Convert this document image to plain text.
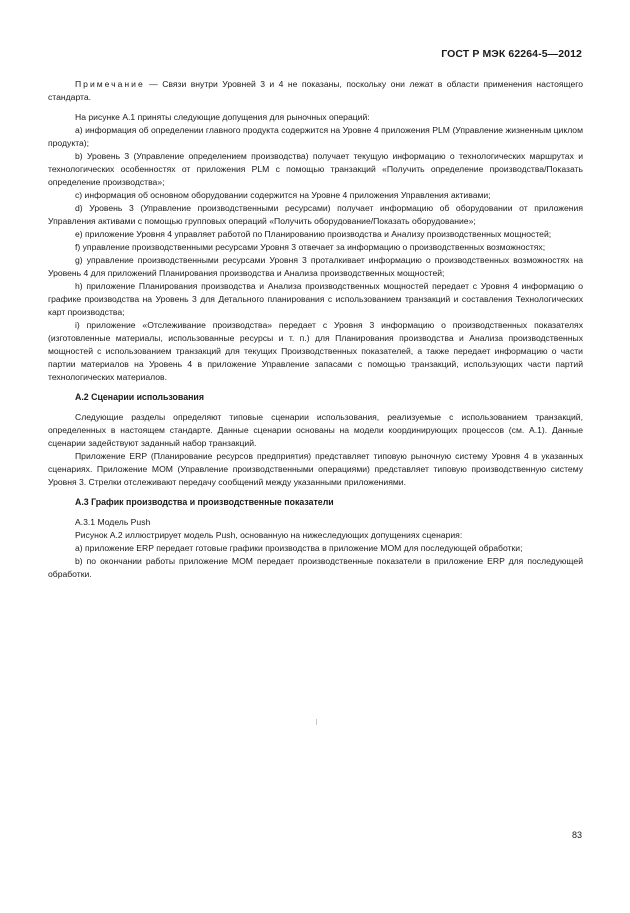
ГОСТ Р МЭК 62264-5—2012

Примечание — Связи внутри Уровней 3 и 4 не показаны, поскольку они лежат в области применения настоящего стандарта.

На рисунке А.1 приняты следующие допущения для рыночных операций:

а) информация об определении главного продукта содержится на Уровне 4 приложения PLM (Управление жизненным циклом продукта);

b) Уровень 3 (Управление определением производства) получает текущую информацию о технологических маршрутах и технологических особенностях от приложения PLM с помощью транзакций «Получить определение производства/Показать определение производства»;

c) информация об основном оборудовании содержится на Уровне 4 приложения Управления активами;

d) Уровень 3 (Управление производственными ресурсами) получает информацию об оборудовании от приложения Управления активами с помощью групповых операций «Получить оборудование/Показать оборудование»;

e) приложение Уровня 4 управляет работой по Планированию производства и Анализу производственных мощностей;

f) управление производственными ресурсами Уровня 3 отвечает за информацию о производственных возможностях;

g) управление производственными ресурсами Уровня 3 проталкивает информацию о производственных возможностях на Уровень 4 для приложений Планирования производства и Анализа производственных мощностей;

h) приложение Планирования производства и Анализа производственных мощностей передает с Уровня 4 информацию о графике производства на Уровень 3 для Детального планирования с использованием транзакций и составления Технологических карт производства;

i) приложение «Отслеживание производства» передает с Уровня 3 информацию о производственных показателях (изготовленные материалы, использованные ресурсы и т. п.) для Планирования производства и Анализа производственных мощностей с использованием транзакций для текущих Производственных показателей, а также передает информацию о части партии материалов на Уровень 4 в приложение Управление запасами с помощью транзакций, использующих части партий технологических материалов.

А.2 Сценарии использования

Следующие разделы определяют типовые сценарии использования, реализуемые с использованием транзакций, определенных в настоящем стандарте. Данные сценарии основаны на модели координирующих процессов (см. А.1). Данные сценарии задействуют заданный набор транзакций.

Приложение ERP (Планирование ресурсов предприятия) представляет типовую рыночную систему Уровня 4 в указанных сценариях. Приложение МОМ (Управление производственными операциями) представляет типовую производственную систему Уровня 3. Стрелки отслеживают передачу сообщений между указанными приложениями.

А.3 График производства и производственные показатели

А.3.1 Модель Push

Рисунок А.2 иллюстрирует модель Push, основанную на нижеследующих допущениях сценария:

а) приложение ERP передает готовые графики производства в приложение МОМ для последующей обработки;

b) по окончании работы приложение МОМ передает производственные показатели в приложение ERP для последующей обработки.

83
